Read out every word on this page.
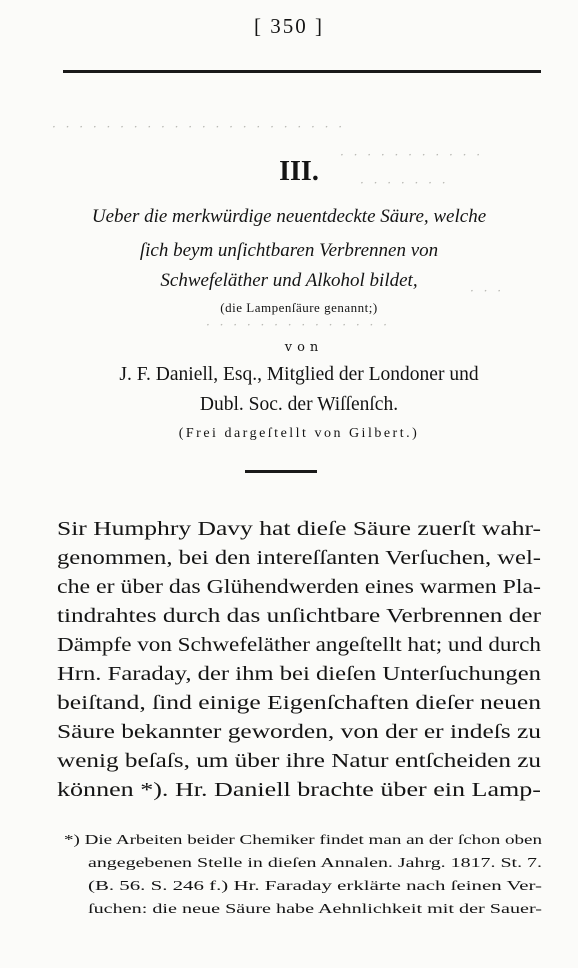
[ 350 ]
· · · · · · · · · · · · · · · · · · · · · ·
· · · · · · · · · · ·
· · · · · · ·
· · ·
· · · · · · · · · · · · · ·
III.
Ueber die merkwürdige neuentdeckte Säure, welche
ſich beym unſichtbaren Verbrennen von
Schwefeläther und Alkohol bildet,
(die Lampenſäure genannt;)
von
J. F. Daniell, Esq., Mitglied der Londoner und
Dubl. Soc. der Wiſſenſch.
(Frei dargeſtellt von Gilbert.)
Sir Humphry Davy hat dieſe Säure zuerſt wahr-
genommen, bei den intereſſanten Verſuchen, wel-
che er über das Glühendwerden eines warmen Pla-
tindrahtes durch das unſichtbare Verbrennen der
Dämpfe von Schwefeläther angeſtellt hat; und durch
Hrn. Faraday, der ihm bei dieſen Unterſuchungen
beiſtand, ſind einige Eigenſchaften dieſer neuen
Säure bekannter geworden, von der er indeſs zu
wenig beſaſs, um über ihre Natur entſcheiden zu
können *). Hr. Daniell brachte über ein Lamp-
*) Die Arbeiten beider Chemiker findet man an der ſchon oben
angegebenen Stelle in dieſen Annalen. Jahrg. 1817. St. 7.
(B. 56. S. 246 f.) Hr. Faraday erklärte nach ſeinen Ver-
ſuchen: die neue Säure habe Aehnlichkeit mit der Sauer-
